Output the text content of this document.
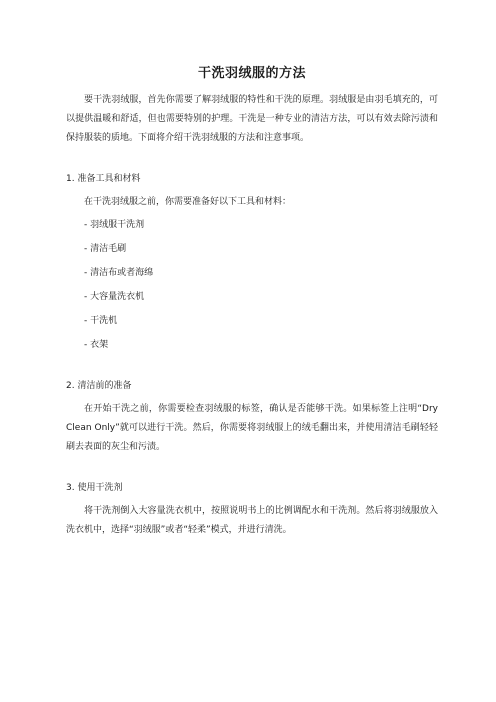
干洗羽绒服的方法

要干洗羽绒服，首先你需要了解羽绒服的特性和干洗的原理。羽绒服是由羽毛填充的，可以提供温暖和舒适，但也需要特别的护理。干洗是一种专业的清洁方法，可以有效去除污渍和保持服装的质地。下面将介绍干洗羽绒服的方法和注意事项。

1. 准备工具和材料

在干洗羽绒服之前，你需要准备好以下工具和材料：

- 羽绒服干洗剂
- 清洁毛刷
- 清洁布或者海绵
- 大容量洗衣机
- 干洗机
- 衣架

2. 清洁前的准备

在开始干洗之前，你需要检查羽绒服的标签，确认是否能够干洗。如果标签上注明“Dry Clean Only”就可以进行干洗。然后，你需要将羽绒服上的绒毛翻出来，并使用清洁毛刷轻轻刷去表面的灰尘和污渍。

3. 使用干洗剂

将干洗剂倒入大容量洗衣机中，按照说明书上的比例调配水和干洗剂。然后将羽绒服放入洗衣机中，选择“羽绒服”或者“轻柔”模式，并进行清洗。
